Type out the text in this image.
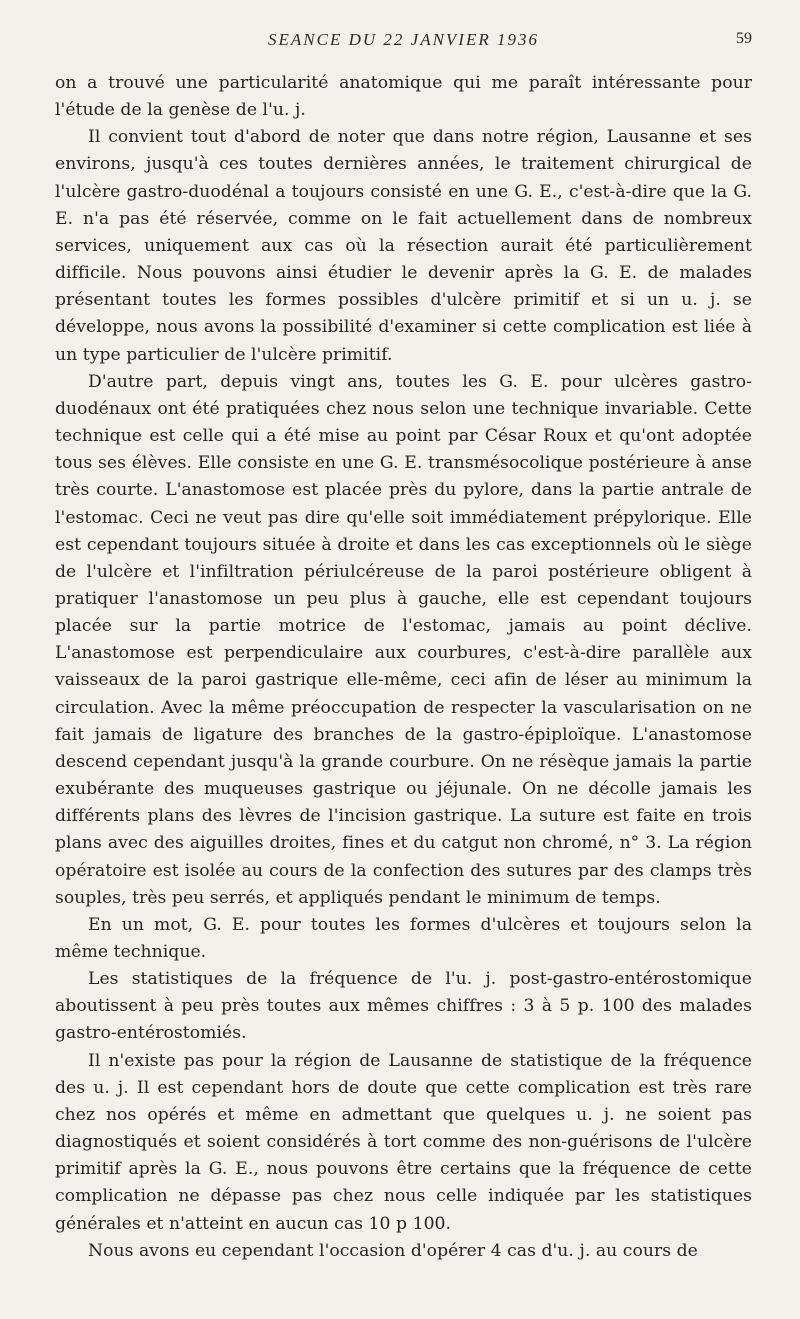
SEANCE DU 22 JANVIER 1936	59

on a trouvé une particularité anatomique qui me paraît intéressante pour l'étude de la genèse de l'u. j.

Il convient tout d'abord de noter que dans notre région, Lausanne et ses environs, jusqu'à ces toutes dernières années, le traitement chirurgical de l'ulcère gastro-duodénal a toujours consisté en une G. E., c'est-à-dire que la G. E. n'a pas été réservée, comme on le fait actuellement dans de nombreux services, uniquement aux cas où la résection aurait été particulièrement difficile. Nous pouvons ainsi étudier le devenir après la G. E. de malades présentant toutes les formes possibles d'ulcère primitif et si un u. j. se développe, nous avons la possibilité d'examiner si cette complication est liée à un type particulier de l'ulcère primitif.

D'autre part, depuis vingt ans, toutes les G. E. pour ulcères gastro-duodénaux ont été pratiquées chez nous selon une technique invariable. Cette technique est celle qui a été mise au point par César Roux et qu'ont adoptée tous ses élèves. Elle consiste en une G. E. transmésocolique postérieure à anse très courte. L'anastomose est placée près du pylore, dans la partie antrale de l'estomac. Ceci ne veut pas dire qu'elle soit immédiatement prépylorique. Elle est cependant toujours située à droite et dans les cas exceptionnels où le siège de l'ulcère et l'infiltration périulcéreuse de la paroi postérieure obligent à pratiquer l'anastomose un peu plus à gauche, elle est cependant toujours placée sur la partie motrice de l'estomac, jamais au point déclive. L'anastomose est perpendiculaire aux courbures, c'est-à-dire parallèle aux vaisseaux de la paroi gastrique elle-même, ceci afin de léser au minimum la circulation. Avec la même préoccupation de respecter la vascularisation on ne fait jamais de ligature des branches de la gastro-épiploïque. L'anastomose descend cependant jusqu'à la grande courbure. On ne résèque jamais la partie exubérante des muqueuses gastrique ou jéjunale. On ne décolle jamais les différents plans des lèvres de l'incision gastrique. La suture est faite en trois plans avec des aiguilles droites, fines et du catgut non chromé, n° 3. La région opératoire est isolée au cours de la confection des sutures par des clamps très souples, très peu serrés, et appliqués pendant le minimum de temps.

En un mot, G. E. pour toutes les formes d'ulcères et toujours selon la même technique.

Les statistiques de la fréquence de l'u. j. post-gastro-entérostomique aboutissent à peu près toutes aux mêmes chiffres : 3 à 5 p. 100 des malades gastro-entérostomiés.

Il n'existe pas pour la région de Lausanne de statistique de la fréquence des u. j. Il est cependant hors de doute que cette complication est très rare chez nos opérés et même en admettant que quelques u. j. ne soient pas diagnostiqués et soient considérés à tort comme des non-guérisons de l'ulcère primitif après la G. E., nous pouvons être certains que la fréquence de cette complication ne dépasse pas chez nous celle indiquée par les statistiques générales et n'atteint en aucun cas 10 p 100.

Nous avons eu cependant l'occasion d'opérer 4 cas d'u. j. au cours de
